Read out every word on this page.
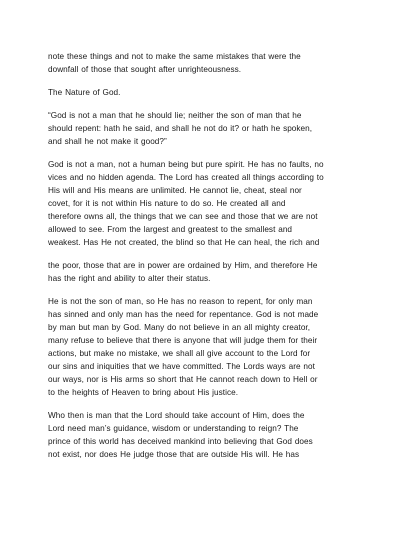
note these things and not to make the same mistakes that were the
downfall of those that sought after unrighteousness.
The Nature of God.
“God is not a man that he should lie; neither the son of man that he
should repent: hath he said, and shall he not do it? or hath he spoken,
and shall he not make it good?”
God is not a man, not a human being but pure spirit. He has no faults, no
vices and no hidden agenda. The Lord has created all things according to
His will and His means are unlimited. He cannot lie, cheat, steal nor
covet, for it is not within His nature to do so. He created all and
therefore owns all, the things that we can see and those that we are not
allowed to see. From the largest and greatest to the smallest and
weakest. Has He not created, the blind so that He can heal, the rich and
the poor, those that are in power are ordained by Him, and therefore He
has the right and ability to alter their status.
He is not the son of man, so He has no reason to repent, for only man
has sinned and only man has the need for repentance. God is not made
by man but man by God. Many do not believe in an all mighty creator,
many refuse to believe that there is anyone that will judge them for their
actions, but make no mistake, we shall all give account to the Lord for
our sins and iniquities that we have committed. The Lords ways are not
our ways, nor is His arms so short that He cannot reach down to Hell or
to the heights of Heaven to bring about His justice.
Who then is man that the Lord should take account of Him, does the
Lord need man’s guidance, wisdom or understanding to reign? The
prince of this world has deceived mankind into believing that God does
not exist, nor does He judge those that are outside His will. He has
